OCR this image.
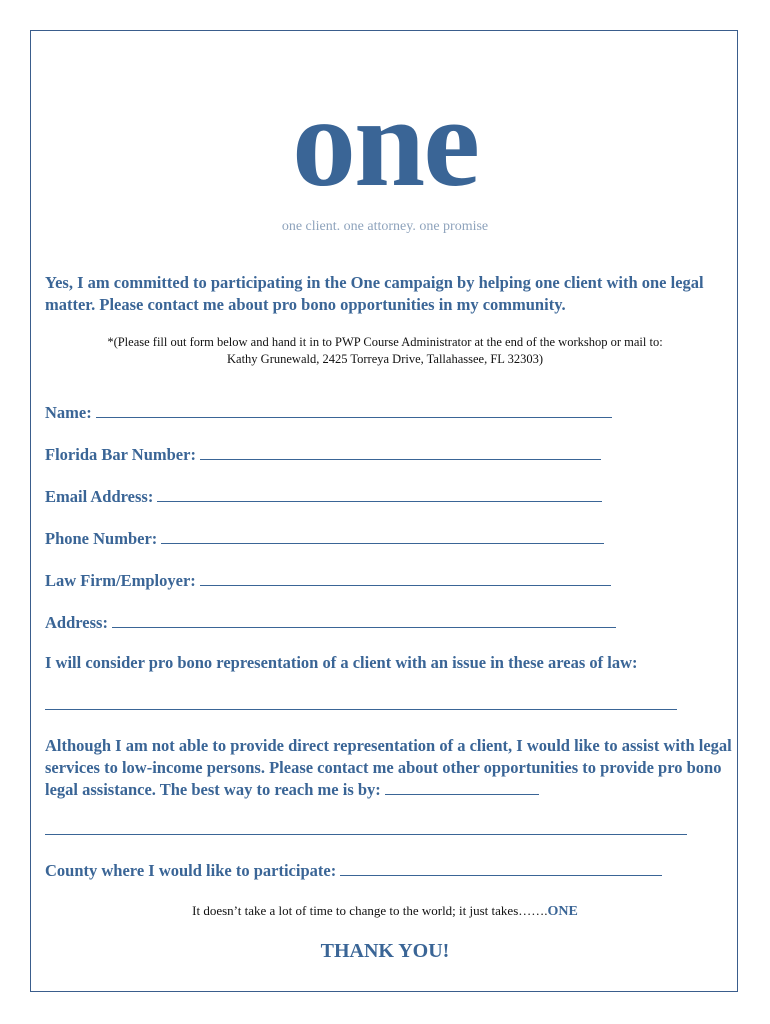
one
one client. one attorney. one promise
Yes, I am committed to participating in the One campaign by helping one client with one legal matter. Please contact me about pro bono opportunities in my community.
*(Please fill out form below and hand it in to PWP Course Administrator at the end of the workshop or mail to:
Kathy Grunewald, 2425 Torreya Drive, Tallahassee, FL 32303)
Name:
Florida Bar Number:
Email Address:
Phone Number:
Law Firm/Employer:
Address:
I will consider pro bono representation of a client with an issue in these areas of law:
Although I am not able to provide direct representation of a client, I would like to assist with legal services to low-income persons. Please contact me about other opportunities to provide pro bono legal assistance. The best way to reach me is by:
County where I would like to participate:
It doesn’t take a lot of time to change to the world; it just takes…….ONE
THANK YOU!
